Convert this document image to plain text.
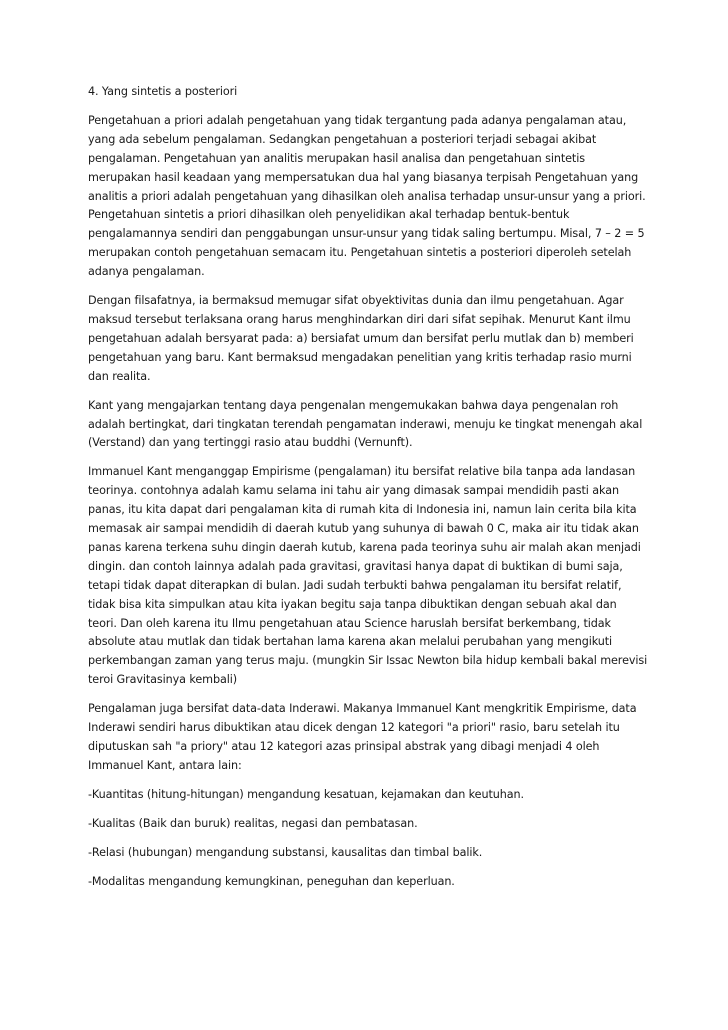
4. Yang sintetis a posteriori

Pengetahuan a priori adalah pengetahuan yang tidak tergantung pada adanya pengalaman atau, yang ada sebelum pengalaman. Sedangkan pengetahuan a posteriori terjadi sebagai akibat pengalaman. Pengetahuan yan analitis merupakan hasil analisa dan pengetahuan sintetis merupakan hasil keadaan yang mempersatukan dua hal yang biasanya terpisah Pengetahuan yang analitis a priori adalah pengetahuan yang dihasilkan oleh analisa terhadap unsur-unsur yang a priori. Pengetahuan sintetis a priori dihasilkan oleh penyelidikan akal terhadap bentuk-bentuk pengalamannya sendiri dan penggabungan unsur-unsur yang tidak saling bertumpu. Misal, 7 – 2 = 5 merupakan contoh pengetahuan semacam itu. Pengetahuan sintetis a posteriori diperoleh setelah adanya pengalaman.

Dengan filsafatnya, ia bermaksud memugar sifat obyektivitas dunia dan ilmu pengetahuan. Agar maksud tersebut terlaksana orang harus menghindarkan diri dari sifat sepihak. Menurut Kant ilmu pengetahuan adalah bersyarat pada: a) bersiafat umum dan bersifat perlu mutlak dan b) memberi pengetahuan yang baru. Kant bermaksud mengadakan penelitian yang kritis terhadap rasio murni dan realita.

Kant yang mengajarkan tentang daya pengenalan mengemukakan bahwa daya pengenalan roh adalah bertingkat, dari tingkatan terendah pengamatan inderawi, menuju ke tingkat menengah akal (Verstand) dan yang tertinggi rasio atau buddhi (Vernunft).

Immanuel Kant menganggap Empirisme (pengalaman) itu bersifat relative bila tanpa ada landasan teorinya. contohnya adalah kamu selama ini tahu air yang dimasak sampai mendidih pasti akan panas, itu kita dapat dari pengalaman kita di rumah kita di Indonesia ini, namun lain cerita bila kita memasak air sampai mendidih di daerah kutub yang suhunya di bawah 0 C, maka air itu tidak akan panas karena terkena suhu dingin daerah kutub, karena pada teorinya suhu air malah akan menjadi dingin. dan contoh lainnya adalah pada gravitasi, gravitasi hanya dapat di buktikan di bumi saja, tetapi tidak dapat diterapkan di bulan. Jadi sudah terbukti bahwa pengalaman itu bersifat relatif, tidak bisa kita simpulkan atau kita iyakan begitu saja tanpa dibuktikan dengan sebuah akal dan teori. Dan oleh karena itu Ilmu pengetahuan atau Science haruslah bersifat berkembang, tidak absolute atau mutlak dan tidak bertahan lama karena akan melalui perubahan yang mengikuti perkembangan zaman yang terus maju. (mungkin Sir Issac Newton bila hidup kembali bakal merevisi teroi Gravitasinya kembali)

Pengalaman juga bersifat data-data Inderawi. Makanya Immanuel Kant mengkritik Empirisme, data Inderawi sendiri harus dibuktikan atau dicek dengan 12 kategori "a priori" rasio, baru setelah itu diputuskan sah "a priory" atau 12 kategori azas prinsipal abstrak yang dibagi menjadi 4 oleh Immanuel Kant, antara lain:

-Kuantitas (hitung-hitungan) mengandung kesatuan, kejamakan dan keutuhan.

-Kualitas (Baik dan buruk) realitas, negasi dan pembatasan.

-Relasi (hubungan) mengandung substansi, kausalitas dan timbal balik.

-Modalitas mengandung kemungkinan, peneguhan dan keperluan.
